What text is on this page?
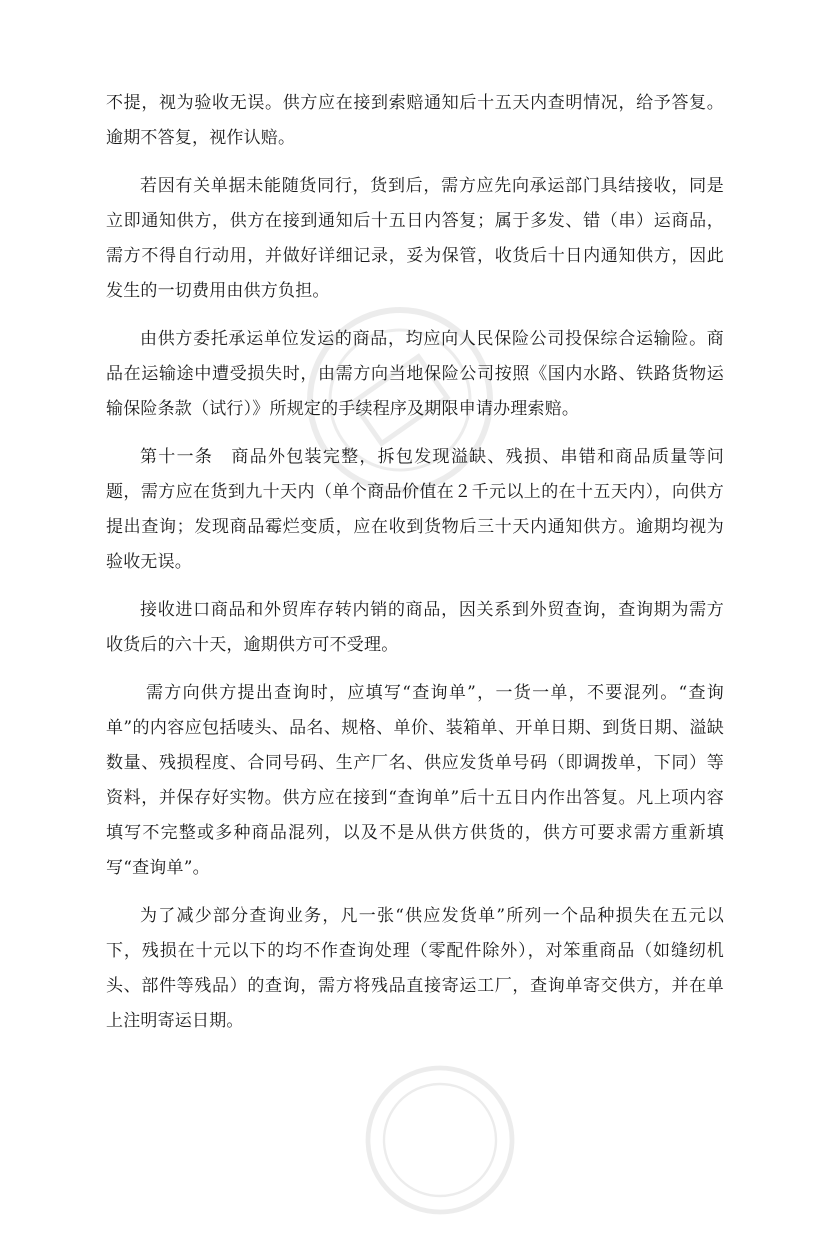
不提，视为验收无误。供方应在接到索赔通知后十五天内查明情况，给予答复。逾期不答复，视作认赔。

若因有关单据未能随货同行，货到后，需方应先向承运部门具结接收，同是立即通知供方，供方在接到通知后十五日内答复；属于多发、错（串）运商品，需方不得自行动用，并做好详细记录，妥为保管，收货后十日内通知供方，因此发生的一切费用由供方负担。

由供方委托承运单位发运的商品，均应向人民保险公司投保综合运输险。商品在运输途中遭受损失时，由需方向当地保险公司按照《国内水路、铁路货物运输保险条款（试行）》所规定的手续程序及期限申请办理索赔。

第十一条　商品外包装完整，拆包发现溢缺、残损、串错和商品质量等问题，需方应在货到九十天内（单个商品价值在２千元以上的在十五天内），向供方提出查询；发现商品霉烂变质，应在收到货物后三十天内通知供方。逾期均视为验收无误。

接收进口商品和外贸库存转内销的商品，因关系到外贸查询，查询期为需方收货后的六十天，逾期供方可不受理。

需方向供方提出查询时，应填写“查询单”，一货一单，不要混列。“查询单”的内容应包括唛头、品名、规格、单价、装箱单、开单日期、到货日期、溢缺数量、残损程度、合同号码、生产厂名、供应发货单号码（即调拨单，下同）等资料，并保存好实物。供方应在接到“查询单”后十五日内作出答复。凡上项内容填写不完整或多种商品混列，以及不是从供方供货的，供方可要求需方重新填写“查询单”。

为了减少部分查询业务，凡一张“供应发货单”所列一个品种损失在五元以下，残损在十元以下的均不作查询处理（零配件除外），对笨重商品（如缝纫机头、部件等残品）的查询，需方将残品直接寄运工厂，查询单寄交供方，并在单上注明寄运日期。
